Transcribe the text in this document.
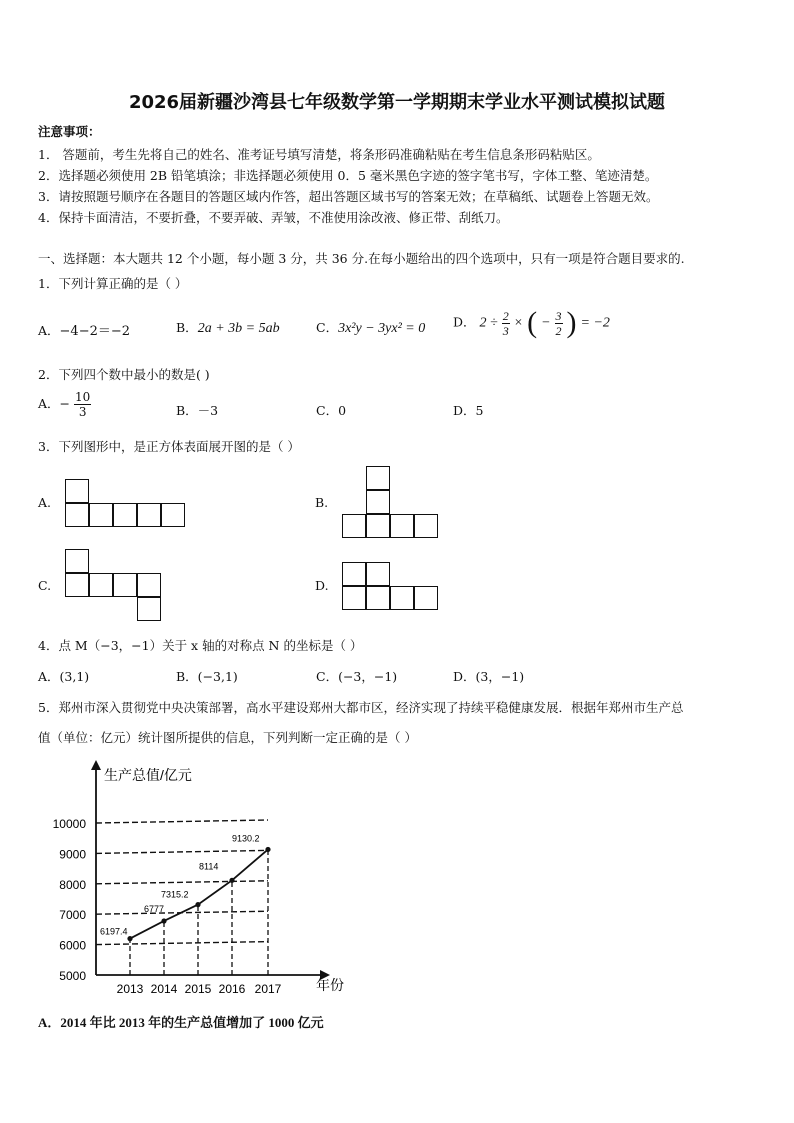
2026届新疆沙湾县七年级数学第一学期期末学业水平测试模拟试题
注意事项：
1． 答题前，考生先将自己的姓名、准考证号填写清楚，将条形码准确粘贴在考生信息条形码粘贴区。
2．选择题必须使用 2B 铅笔填涂；非选择题必须使用 0．5 毫米黑色字迹的签字笔书写，字体工整、笔迹清楚。
3．请按照题号顺序在各题目的答题区域内作答，超出答题区域书写的答案无效；在草稿纸、试题卷上答题无效。
4．保持卡面清洁，不要折叠，不要弄破、弄皱，不准使用涂改液、修正带、刮纸刀。
一、选择题：本大题共 12 个小题，每小题 3 分，共 36 分.在每小题给出的四个选项中，只有一项是符合题目要求的.
1．下列计算正确的是（ ）
A．−4−2＝−2	B．2a + 3b = 5ab	C．3x²y − 3yx² = 0 D． $2 \div \frac{2}{3}$ × ( − $\frac{3}{2}$ ) = −2
2．下列四个数中最小的数是( )
A．− $\frac{10}{3}$	B．－3	C．0	D．5
3．下列图形中，是正方体表面展开图的是（ ）
A.	B.
C.	D.
4．点 M（−3，−1）关于 x 轴的对称点 N 的坐标是（ ）
A．(3,1)	B．(−3,1)	C．(−3，−1)	D．(3，−1)
5．郑州市深入贯彻党中央决策部署，高水平建设郑州大都市区，经济实现了持续平稳健康发展．根据年郑州市生产总
值（单位：亿元）统计图所提供的信息，下列判断一定正确的是（ ）
生产总值/亿元
年份
5000
6000
7000
8000
9000
10000
2013 2014 2015 2016 2017
6197.4
6777
7315.2
8114
9130.2
A．2014 年比 2013 年的生产总值增加了 1000 亿元
